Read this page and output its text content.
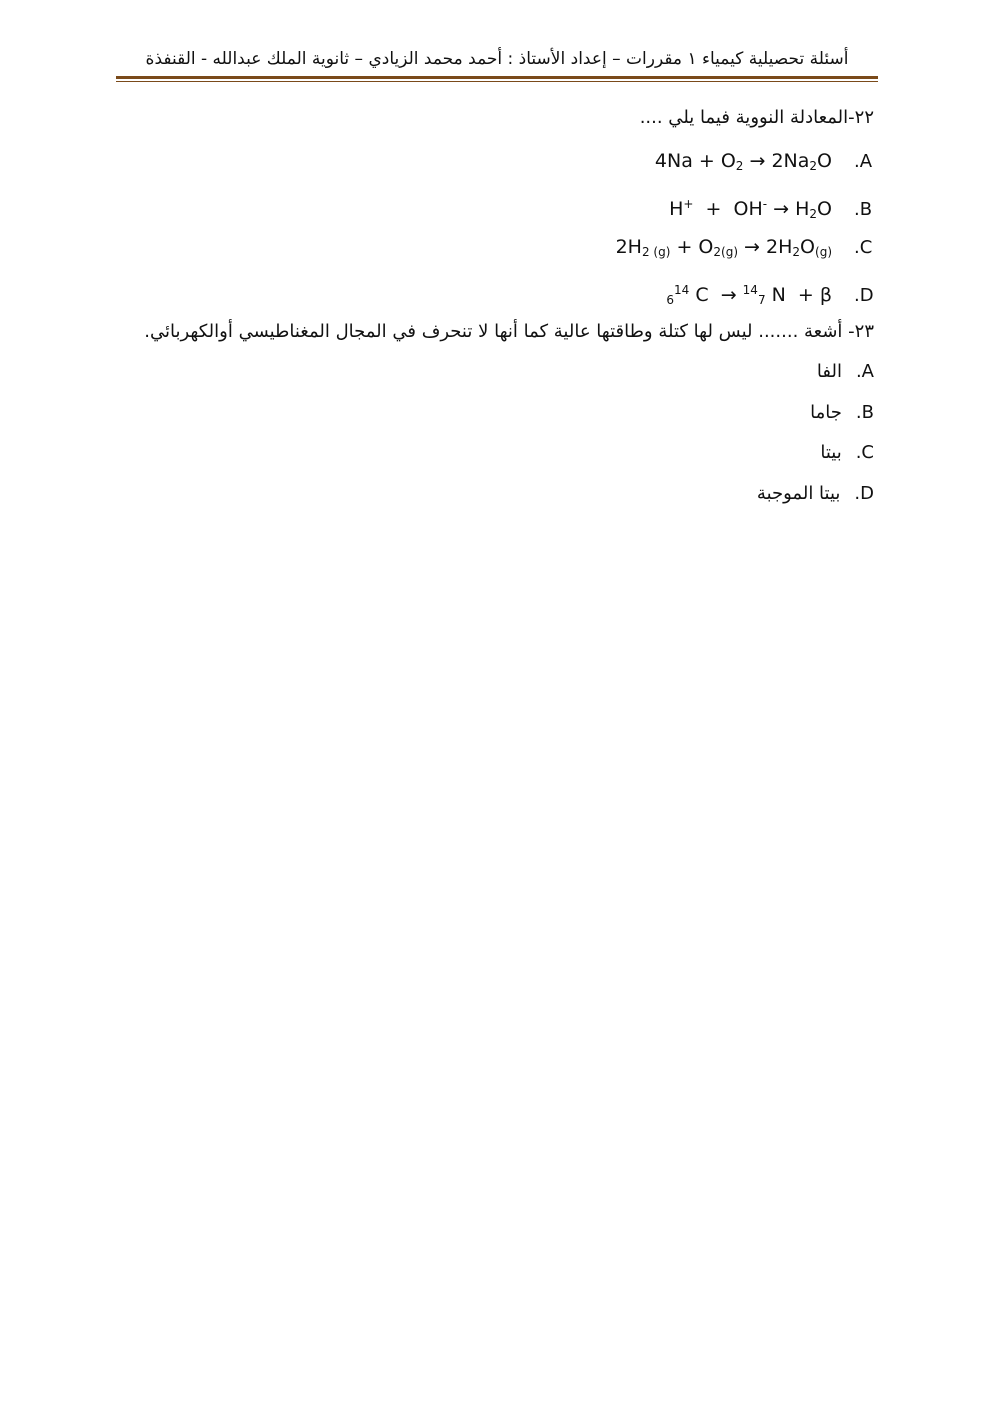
أسئلة تحصيلية كيمياء ١ مقررات – إعداد الأستاذ : أحمد محمد الزيادي – ثانوية الملك عبدالله - القنفذة
٢٢-المعادلة النووية فيما يلي ....
$4Na + O_2 \to 2Na_2O$ .A
$H^+ + OH^- \to H_2O$ .B
$2H_{2 (g)} + O_{2(g)} \to 2H_2O_{(g)}$ .C
$_6^{14}$ C  → $^{14}_7$ N  + β .D
٢٣- أشعة ....... ليس لها كتلة وطاقتها عالية كما أنها لا تنحرف في المجال المغناطيسي أوالكهربائي.
الفا .A
جاما .B
بيتا .C
بيتا الموجبة .D
